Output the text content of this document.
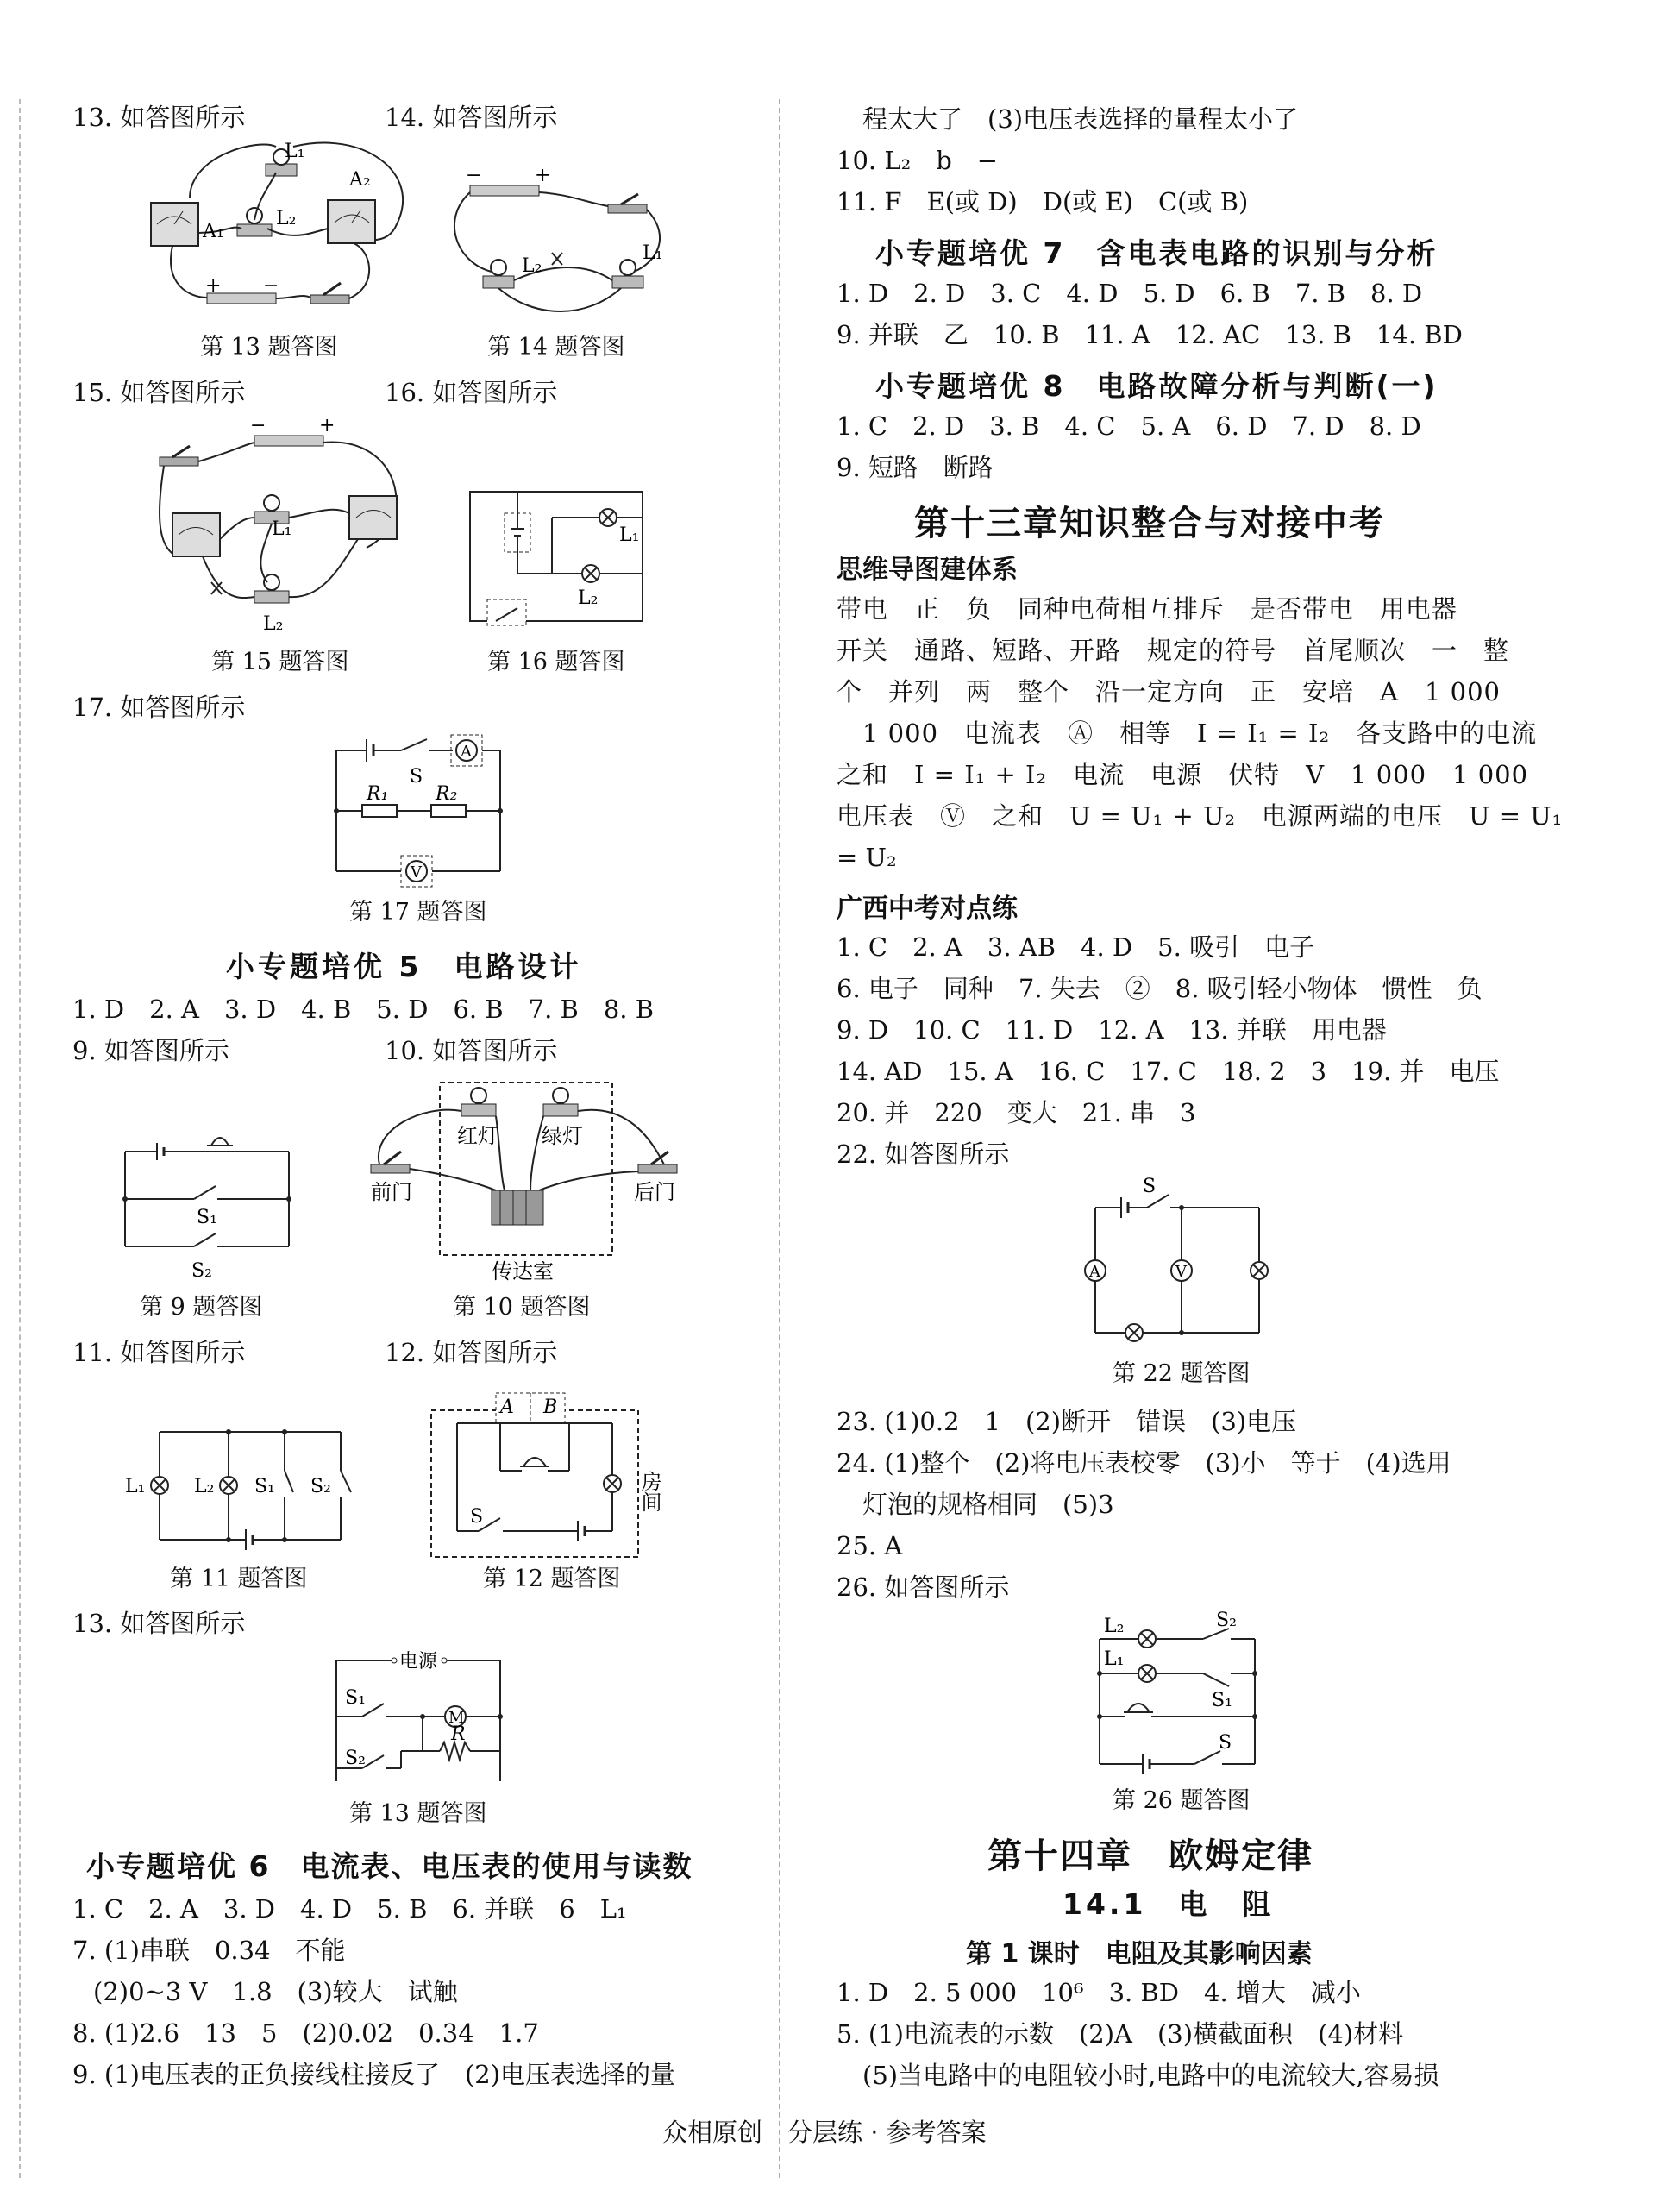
13. 如答图所示	14. 如答图所示
L₁
A₂
A₁
L₂
+ −
−	+
L₂
L₁
第 13 题答图	第 14 题答图
15. 如答图所示	16. 如答图所示
−	+
L₁
L₂
L₁
L₂
第 15 题答图	第 16 题答图
17. 如答图所示
A
V
S
R₁ R₂
第 17 题答图
小专题培优 5　电路设计
1. D　2. A　3. D　4. B　5. D　6. B　7. B　8. B
9. 如答图所示	10. 如答图所示
S₁
S₂
红灯 绿灯
前门	后门
传达室
第 9 题答图	第 10 题答图
11. 如答图所示	12. 如答图所示
L₁	L₂ S₁ S₂
A B
S
房间
第 11 题答图	第 12 题答图
13. 如答图所示
电源
M
S₁
S₂
R
第 13 题答图
小专题培优 6　电流表、电压表的使用与读数
1. C　2. A　3. D　4. D　5. B　6. 并联　6　L₁
7. (1)串联　0.34　不能
(2)0~3 V　1.8　(3)较大　试触
8. (1)2.6　13　5　(2)0.02　0.34　1.7
9. (1)电压表的正负接线柱接反了　(2)电压表选择的量
程太大了　(3)电压表选择的量程太小了
10. L₂　b　−
11. F　E(或 D)　D(或 E)　C(或 B)
小专题培优 7　含电表电路的识别与分析
1. D　2. D　3. C　4. D　5. D　6. B　7. B　8. D
9. 并联　乙　10. B　11. A　12. AC　13. B　14. BD
小专题培优 8　电路故障分析与判断(一)
1. C　2. D　3. B　4. C　5. A　6. D　7. D　8. D
9. 短路　断路
第十三章知识整合与对接中考
思维导图建体系
带电　正　负　同种电荷相互排斥　是否带电　用电器
开关　通路、短路、开路　规定的符号　首尾顺次　一　整
个　并列　两　整个　沿一定方向　正　安培　A　1 000
1 000　电流表　Ⓐ　相等　I = I₁ = I₂　各支路中的电流
之和　I = I₁ + I₂　电流　电源　伏特　V　1 000　1 000
电压表　Ⓥ　之和　U = U₁ + U₂　电源两端的电压　U = U₁
= U₂
广西中考对点练
1. C　2. A　3. AB　4. D　5. 吸引　电子
6. 电子　同种　7. 失去　②　8. 吸引轻小物体　惯性　负
9. D　10. C　11. D　12. A　13. 并联　用电器
14. AD　15. A　16. C　17. C　18. 2　3　19. 并　电压
20. 并　220　变大　21. 串　3
22. 如答图所示
A	V
S
第 22 题答图
23. (1)0.2　1　(2)断开　错误　(3)电压
24. (1)整个　(2)将电压表校零　(3)小　等于　(4)选用
灯泡的规格相同　(5)3
25. A
26. 如答图所示
L₂
L₁
S₂
S₁
S
第 26 题答图
第十四章　欧姆定律
14.1　电　阻
第 1 课时　电阻及其影响因素
1. D　2. 5 000　10⁶　3. BD　4. 增大　减小
5. (1)电流表的示数　(2)A　(3)横截面积　(4)材料
(5)当电路中的电阻较小时,电路中的电流较大,容易损
众相原创　分层练 · 参考答案
